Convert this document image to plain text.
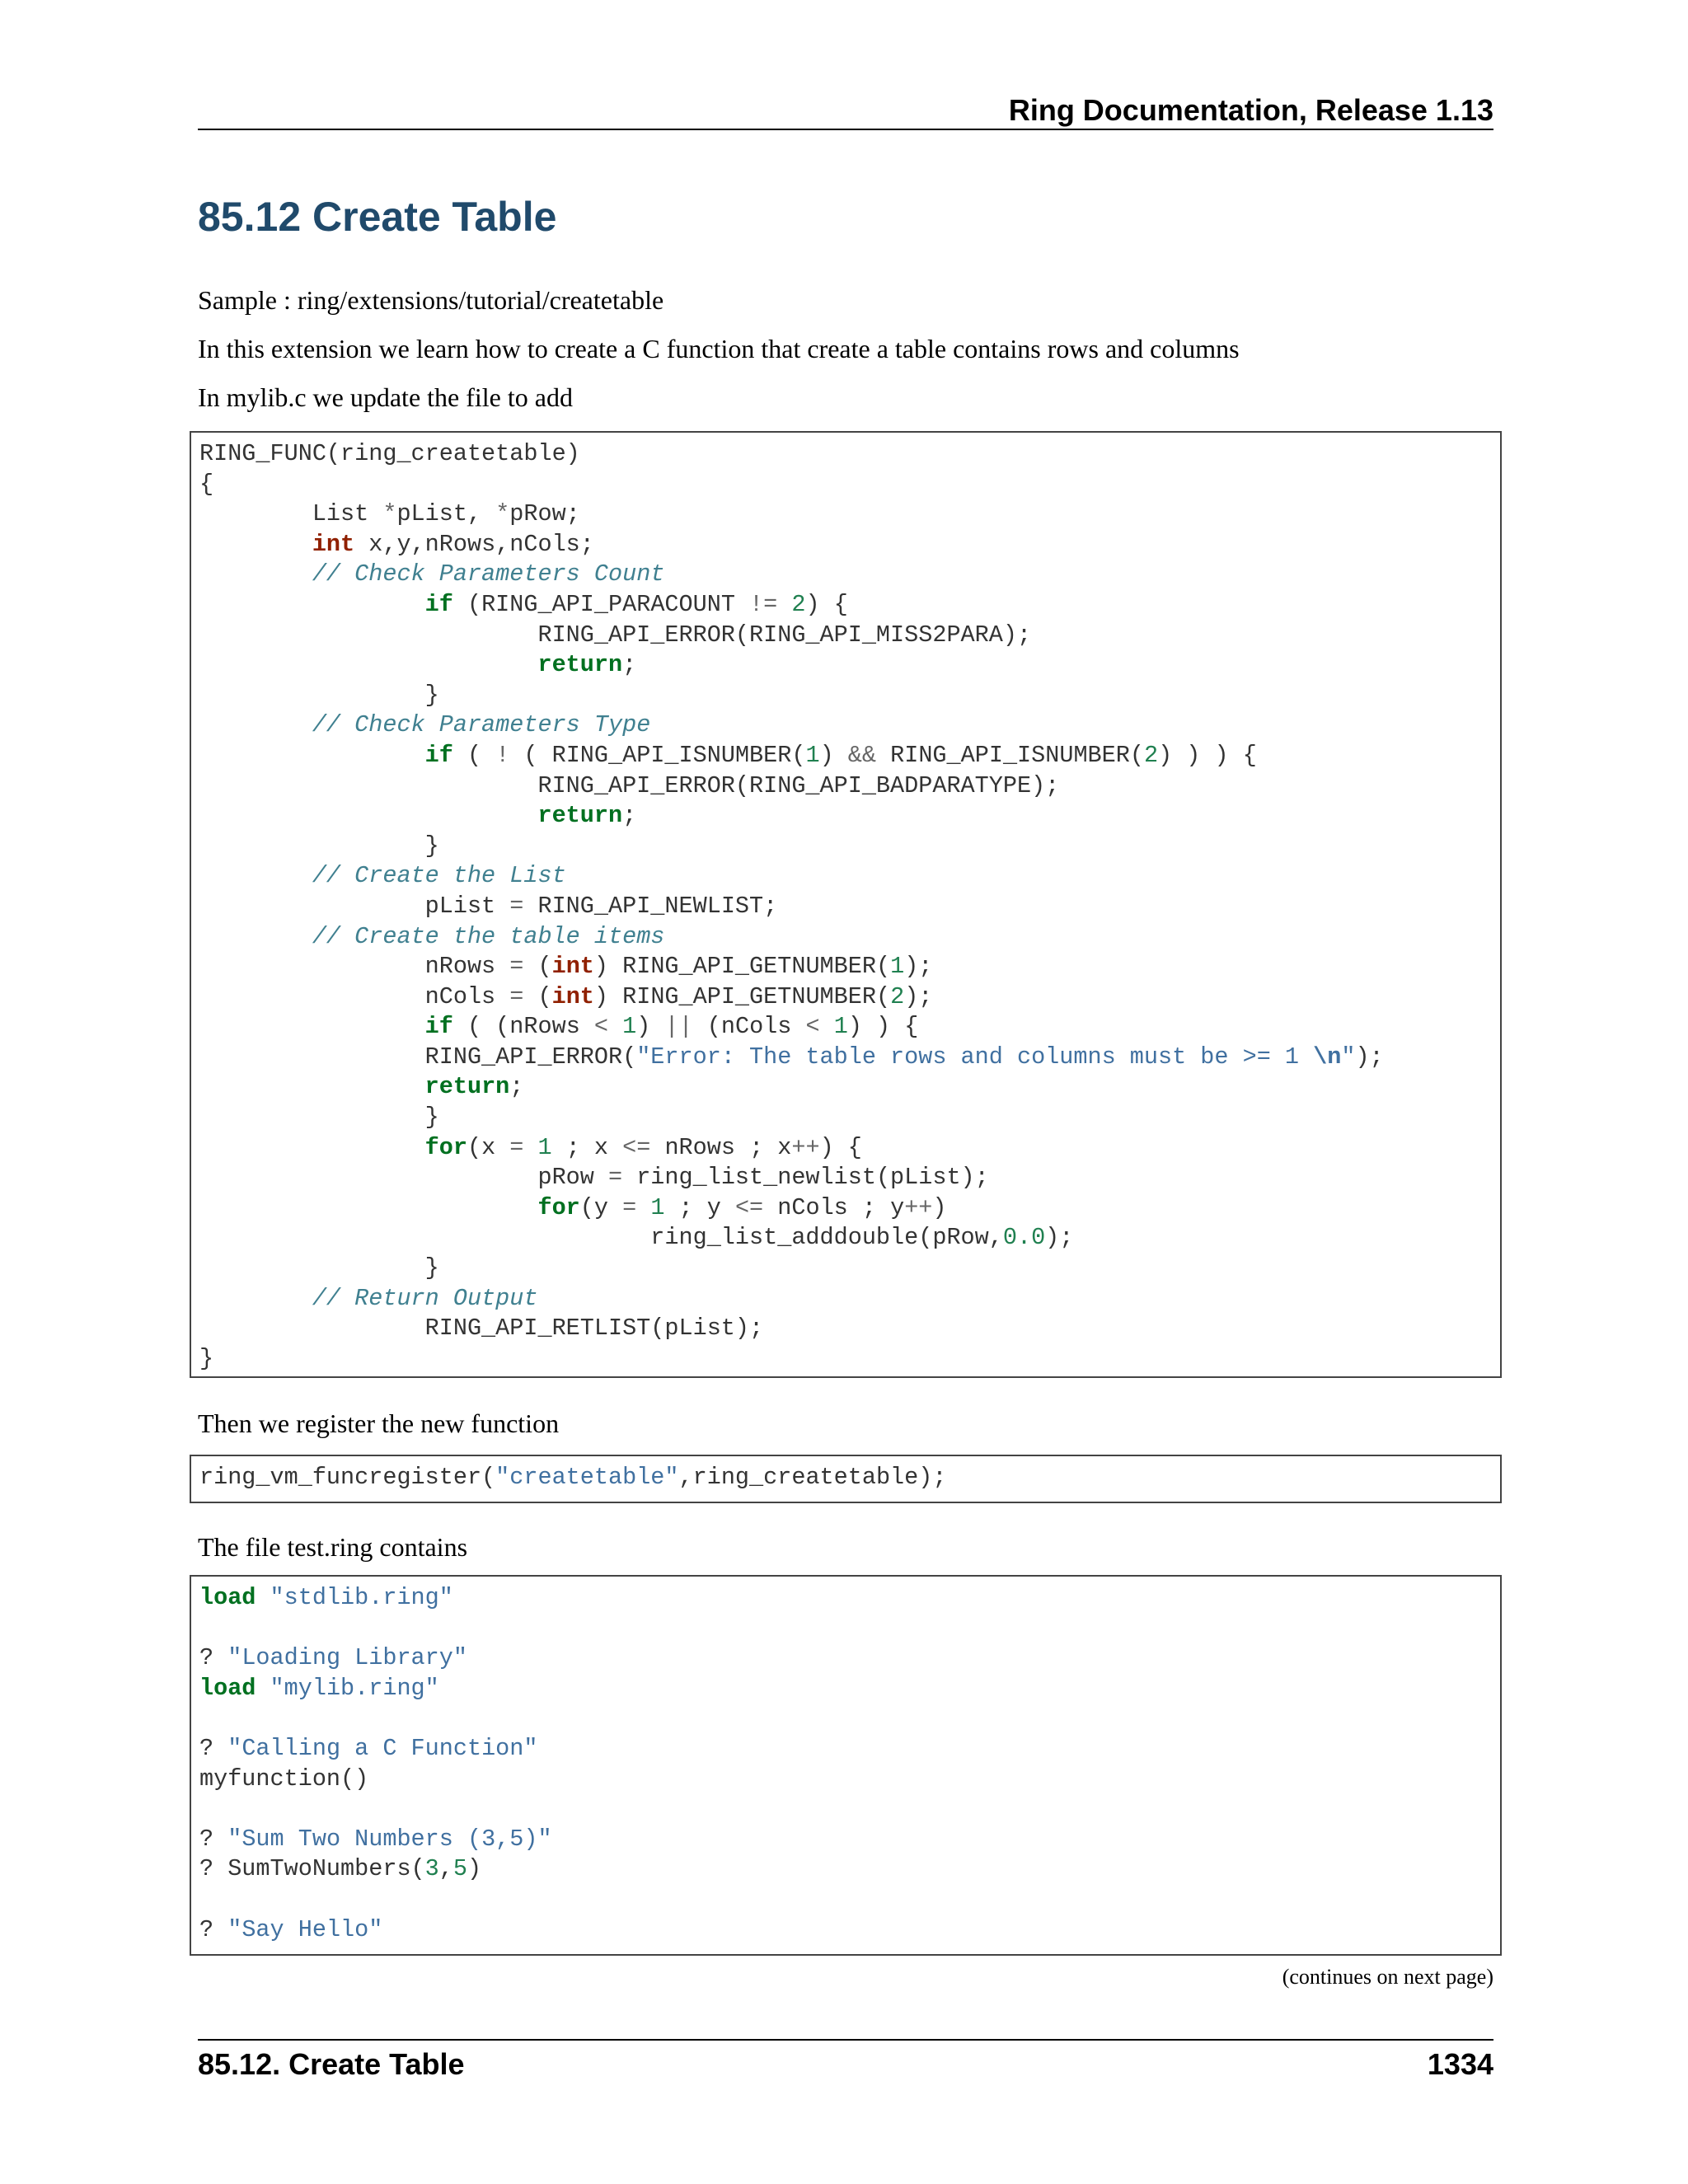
Ring Documentation, Release 1.13
85.12 Create Table

Sample : ring/extensions/tutorial/createtable

In this extension we learn how to create a C function that create a table contains rows and columns

In mylib.c we update the file to add

RING_FUNC(ring_createtable)
{
List *pList, *pRow;
int x,y,nRows,nCols;
// Check Parameters Count
if (RING_API_PARACOUNT != 2) {
RING_API_ERROR(RING_API_MISS2PARA);
return;
}
// Check Parameters Type
if ( ! ( RING_API_ISNUMBER(1) && RING_API_ISNUMBER(2) ) ) {
RING_API_ERROR(RING_API_BADPARATYPE);
return;
}
// Create the List
pList = RING_API_NEWLIST;
// Create the table items
nRows = (int) RING_API_GETNUMBER(1);
nCols = (int) RING_API_GETNUMBER(2);
if ( (nRows < 1) || (nCols < 1) ) {
RING_API_ERROR("Error: The table rows and columns must be >= 1 \n");
return;
}
for(x = 1 ; x <= nRows ; x++) {
pRow = ring_list_newlist(pList);
for(y = 1 ; y <= nCols ; y++)
ring_list_adddouble(pRow,0.0);
}
// Return Output
RING_API_RETLIST(pList);
}

Then we register the new function

ring_vm_funcregister("createtable",ring_createtable);

The file test.ring contains

load "stdlib.ring"
? "Loading Library"
load "mylib.ring"
? "Calling a C Function"
myfunction()
? "Sum Two Numbers (3,5)"
? SumTwoNumbers(3,5)
? "Say Hello"
(continues on next page)
85.12. Create Table	1334
